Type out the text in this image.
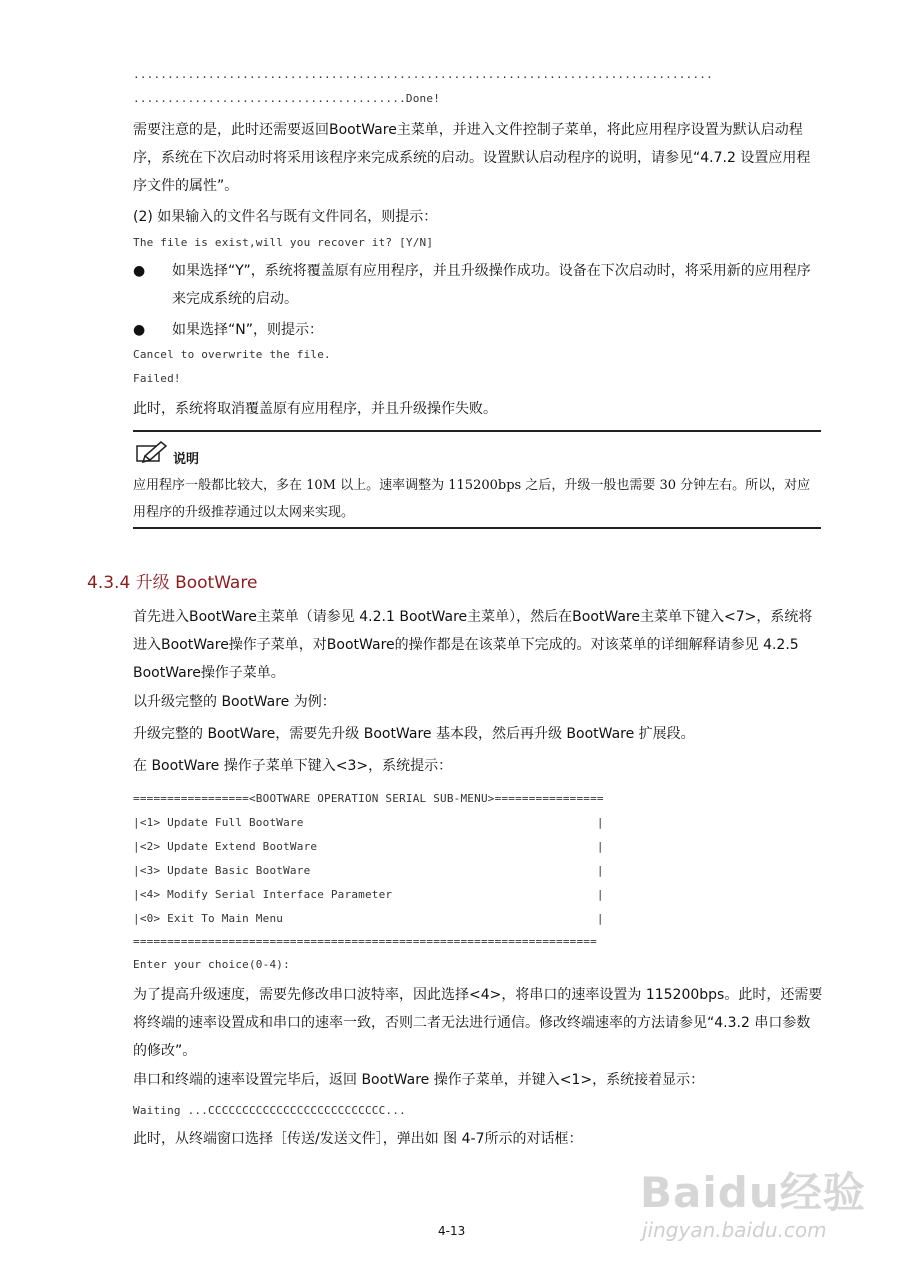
.....................................................................................
........................................Done!
需要注意的是，此时还需要返回BootWare主菜单，并进入文件控制子菜单，将此应用程序设置为默认启动程序，系统在下次启动时将采用该程序来完成系统的启动。设置默认启动程序的说明，请参见“4.7.2 设置应用程序文件的属性”。
(2) 如果输入的文件名与既有文件同名，则提示：
The file is exist,will you recover it? [Y/N]
● 如果选择“Y”，系统将覆盖原有应用程序，并且升级操作成功。设备在下次启动时，将采用新的应用程序来完成系统的启动。
● 如果选择“N”，则提示：
Cancel to overwrite the file.
Failed!
此时，系统将取消覆盖原有应用程序，并且升级操作失败。
说明
应用程序一般都比较大，多在 10M 以上。速率调整为 115200bps 之后，升级一般也需要 30 分钟左右。所以，对应用程序的升级推荐通过以太网来实现。
4.3.4 升级 BootWare
首先进入BootWare主菜单（请参见 4.2.1 BootWare主菜单），然后在BootWare主菜单下键入<7>，系统将进入BootWare操作子菜单，对BootWare的操作都是在该菜单下完成的。对该菜单的详细解释请参见 4.2.5 BootWare操作子菜单。
以升级完整的 BootWare 为例：
升级完整的 BootWare，需要先升级 BootWare 基本段，然后再升级 BootWare 扩展段。
在 BootWare 操作子菜单下键入<3>，系统提示：
=================<BOOTWARE OPERATION SERIAL SUB-MENU>================
|<1> Update Full BootWare                                           |
|<2> Update Extend BootWare                                         |
|<3> Update Basic BootWare                                          |
|<4> Modify Serial Interface Parameter                              |
|<0> Exit To Main Menu                                              |
====================================================================
Enter your choice(0-4):
为了提高升级速度，需要先修改串口波特率，因此选择<4>，将串口的速率设置为 115200bps。此时，还需要将终端的速率设置成和串口的速率一致，否则二者无法进行通信。修改终端速率的方法请参见“4.3.2 串口参数的修改”。
串口和终端的速率设置完毕后，返回 BootWare 操作子菜单，并键入<1>，系统接着显示：
Waiting ...CCCCCCCCCCCCCCCCCCCCCCCCCC...
此时，从终端窗口选择［传送/发送文件］，弹出如 图 4-7所示的对话框：
4-13
Baidu经验
jingyan.baidu.com
